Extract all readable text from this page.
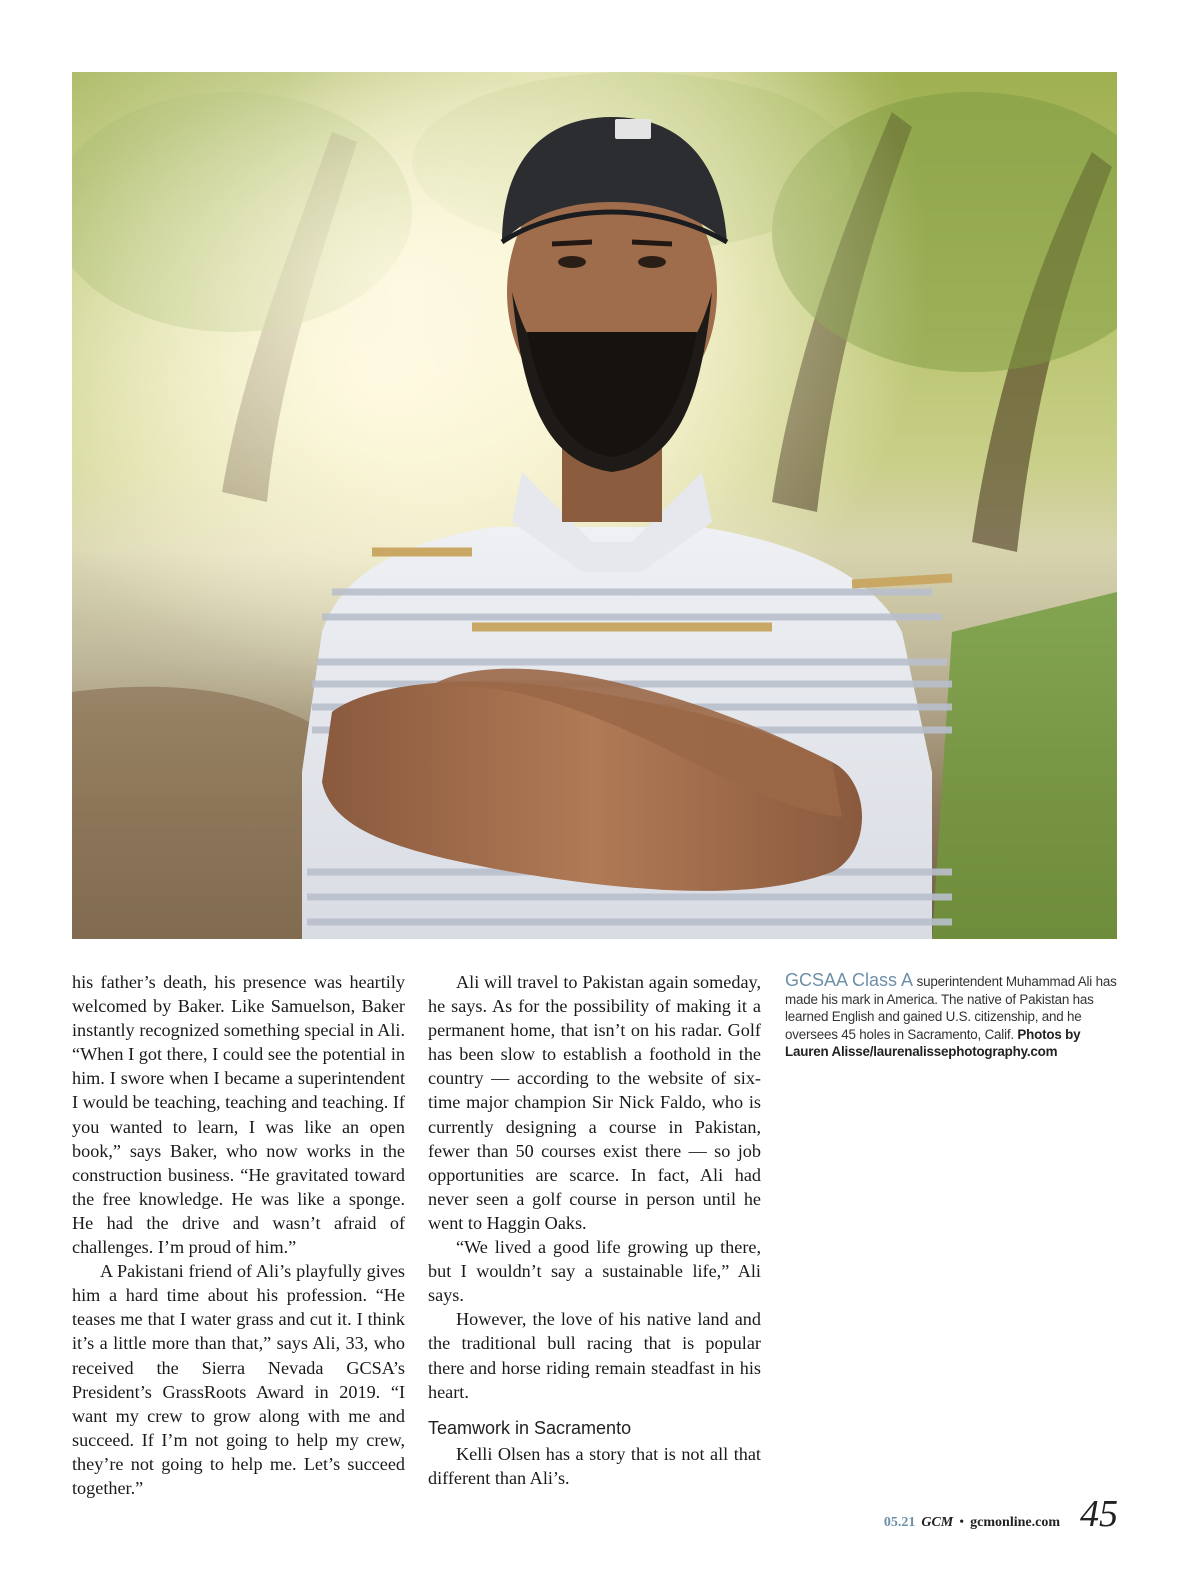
his father’s death, his presence was heartily welcomed by Baker. Like Samuelson, Baker instantly recognized something special in Ali. “When I got there, I could see the potential in him. I swore when I became a superintendent I would be teaching, teaching and teaching. If you wanted to learn, I was like an open book,” says Baker, who now works in the construction business. “He gravitated toward the free knowledge. He was like a sponge. He had the drive and wasn’t afraid of challenges. I’m proud of him.”

A Pakistani friend of Ali’s playfully gives him a hard time about his profession. “He teases me that I water grass and cut it. I think it’s a little more than that,” says Ali, 33, who received the Sierra Nevada GCSA’s President’s GrassRoots Award in 2019. “I want my crew to grow along with me and succeed. If I’m not going to help my crew, they’re not going to help me. Let’s succeed together.”

Ali will travel to Pakistan again someday, he says. As for the possibility of making it a permanent home, that isn’t on his radar. Golf has been slow to establish a foothold in the country — according to the website of six-time major champion Sir Nick Faldo, who is currently designing a course in Pakistan, fewer than 50 courses exist there — so job opportunities are scarce. In fact, Ali had never seen a golf course in person until he went to Haggin Oaks.

“We lived a good life growing up there, but I wouldn’t say a sustainable life,” Ali says.

However, the love of his native land and the traditional bull racing that is popular there and horse riding remain steadfast in his heart.

Teamwork in Sacramento

Kelli Olsen has a story that is not all that different than Ali’s.

GCSAA Class A superintendent Muhammad Ali has made his mark in America. The native of Pakistan has learned English and gained U.S. citizenship, and he oversees 45 holes in Sacramento, Calif. Photos by Lauren Alisse/laurenalissephotography.com
05.21 GCM • gcmonline.com 45
